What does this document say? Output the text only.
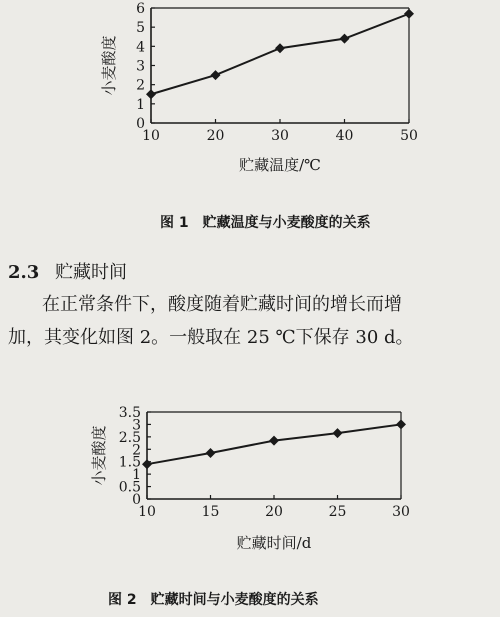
0
1
2
3
4
5
6
10	20	30	40	50
贮藏温度/℃
小麦酸度
图 1　贮藏温度与小麦酸度的关系
2.3 贮藏时间
在正常条件下，酸度随着贮藏时间的增长而增
加，其变化如图 2。一般取在 25 ℃下保存 30 d。
0
0.5
1
1.5
2
2.5
3
3.5
10	15	20	25	30
贮藏时间/d
小麦酸度
图 2　贮藏时间与小麦酸度的关系
